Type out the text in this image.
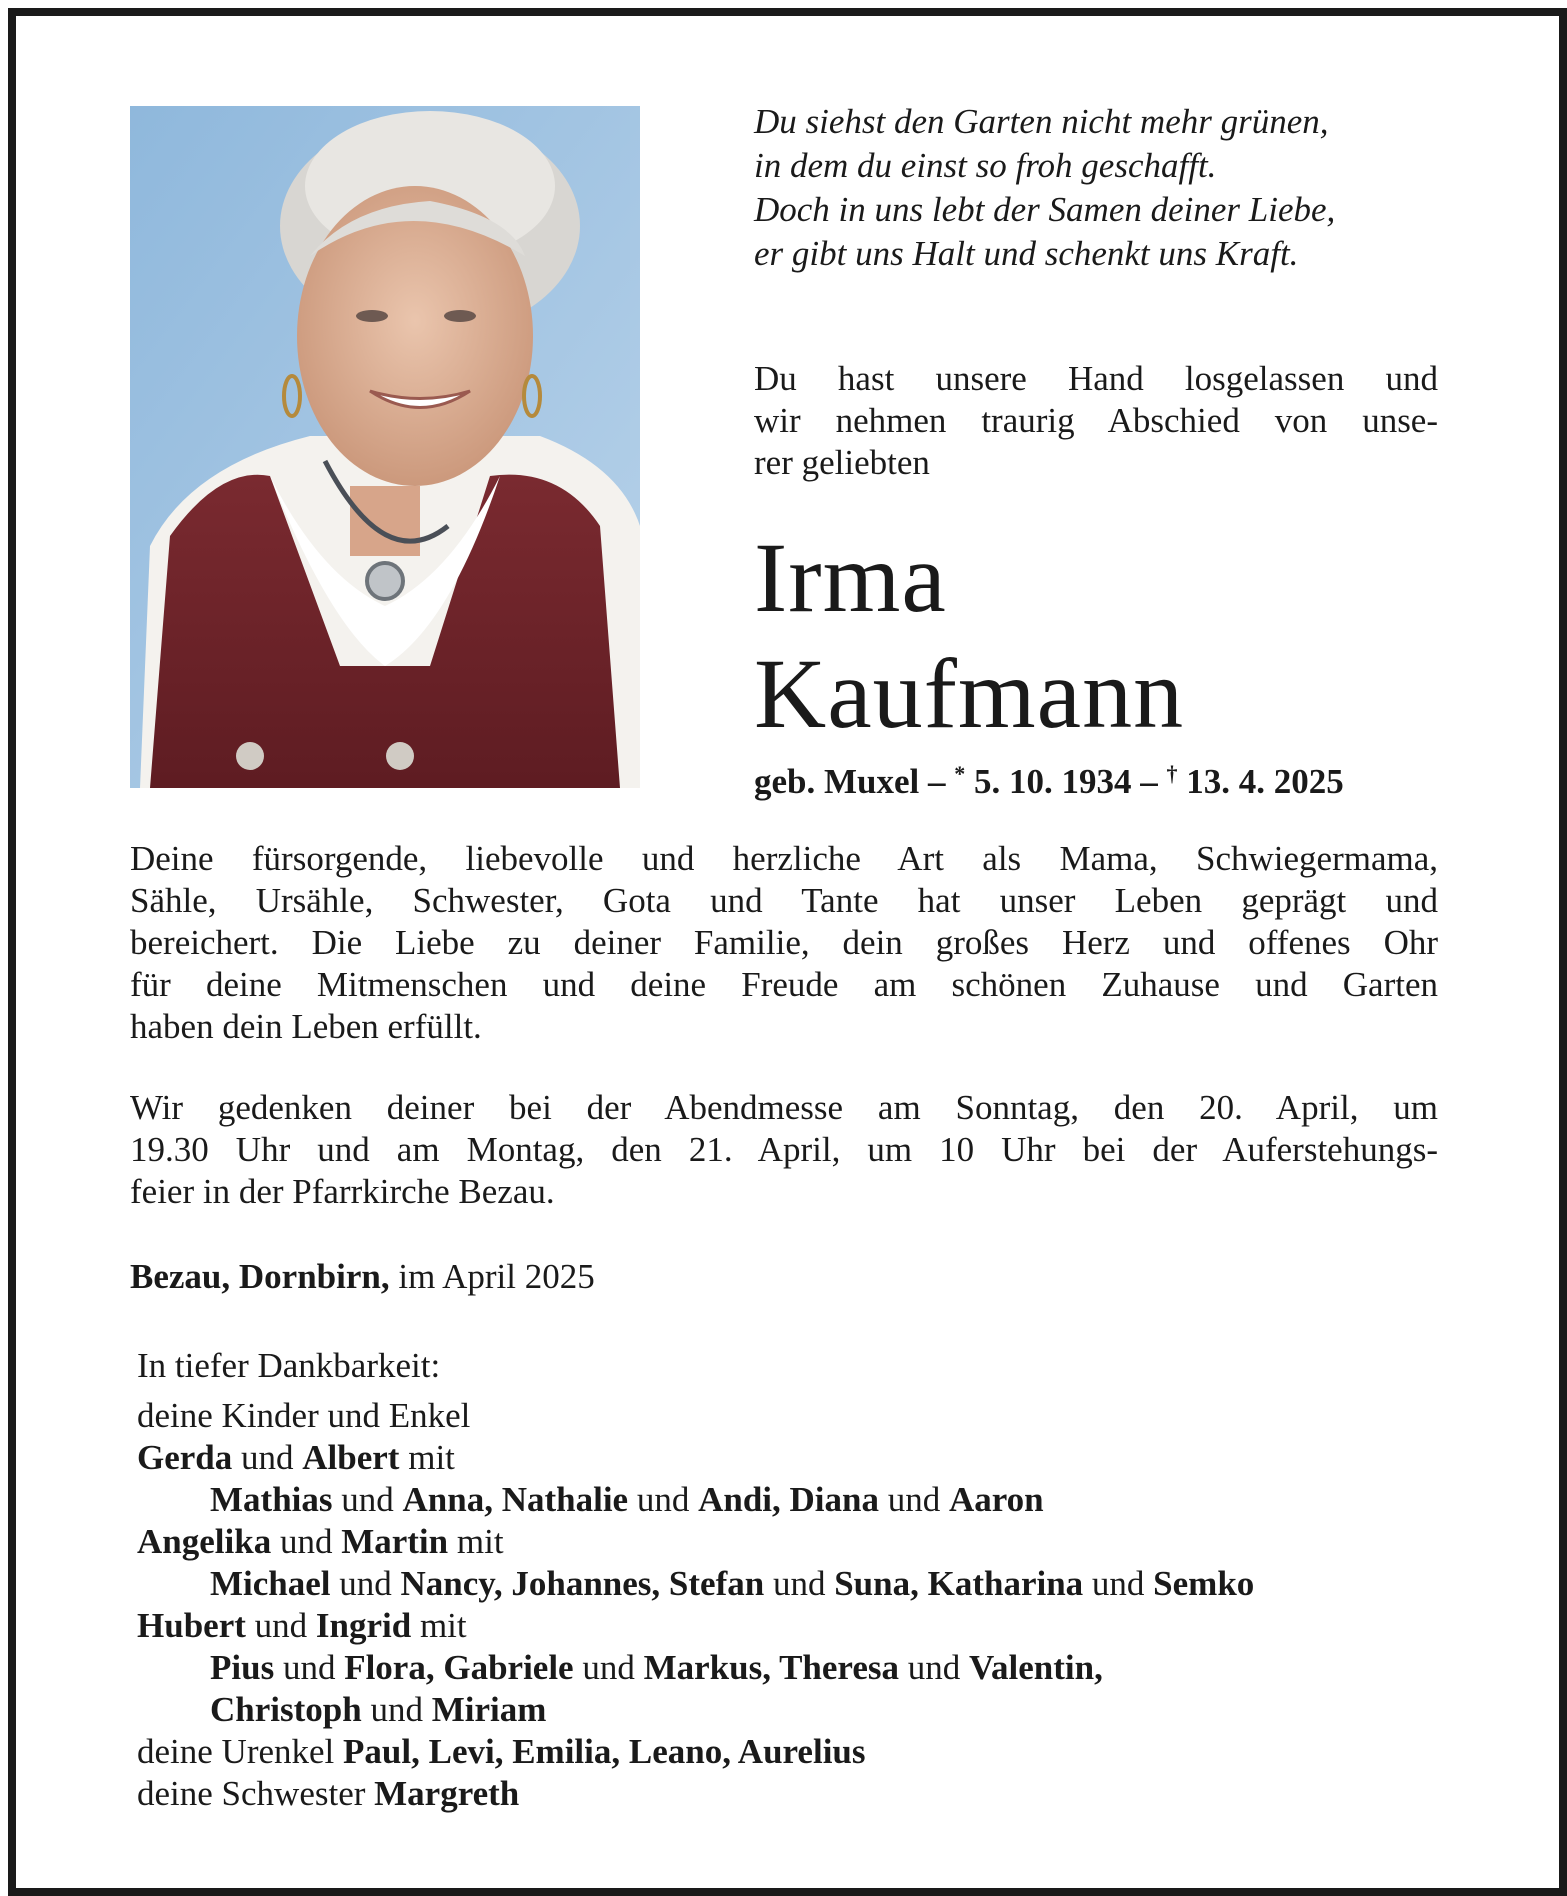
Du siehst den Garten nicht mehr grünen,
in dem du einst so froh geschafft.
Doch in uns lebt der Samen deiner Liebe,
er gibt uns Halt und schenkt uns Kraft.
Du hast unsere Hand losgelassen und
wir nehmen traurig Abschied von unse-
rer geliebten
Irma
Kaufmann
geb. Muxel – * 5. 10. 1934 – † 13. 4. 2025
Deine fürsorgende, liebevolle und herzliche Art als Mama, Schwiegermama,
Sähle, Ursähle, Schwester, Gota und Tante hat unser Leben geprägt und
bereichert. Die Liebe zu deiner Familie, dein großes Herz und offenes Ohr
für deine Mitmenschen und deine Freude am schönen Zuhause und Garten
haben dein Leben erfüllt.
Wir gedenken deiner bei der Abendmesse am Sonntag, den 20. April, um
19.30 Uhr und am Montag, den 21. April, um 10 Uhr bei der Auferstehungs-
feier in der Pfarrkirche Bezau.
Bezau, Dornbirn, im April 2025
In tiefer Dankbarkeit:
deine Kinder und Enkel
Gerda und Albert mit
Mathias und Anna, Nathalie und Andi, Diana und Aaron
Angelika und Martin mit
Michael und Nancy, Johannes, Stefan und Suna, Katharina und Semko
Hubert und Ingrid mit
Pius und Flora, Gabriele und Markus, Theresa und Valentin,
Christoph und Miriam
deine Urenkel Paul, Levi, Emilia, Leano, Aurelius
deine Schwester Margreth
